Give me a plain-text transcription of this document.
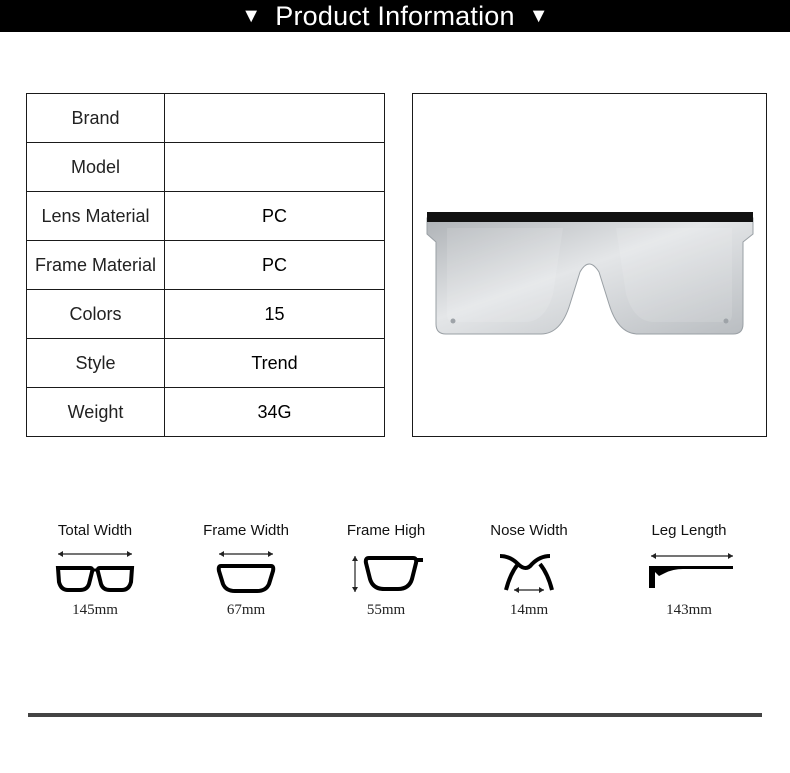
▼ Product Information ▼
Brand	
Model	
Lens Material	PC
Frame Material	PC
Colors	15
Style	Trend
Weight	34G
Total Width
145mm
Frame Width
67mm
Frame High
55mm
Nose Width
14mm
Leg Length
143mm
